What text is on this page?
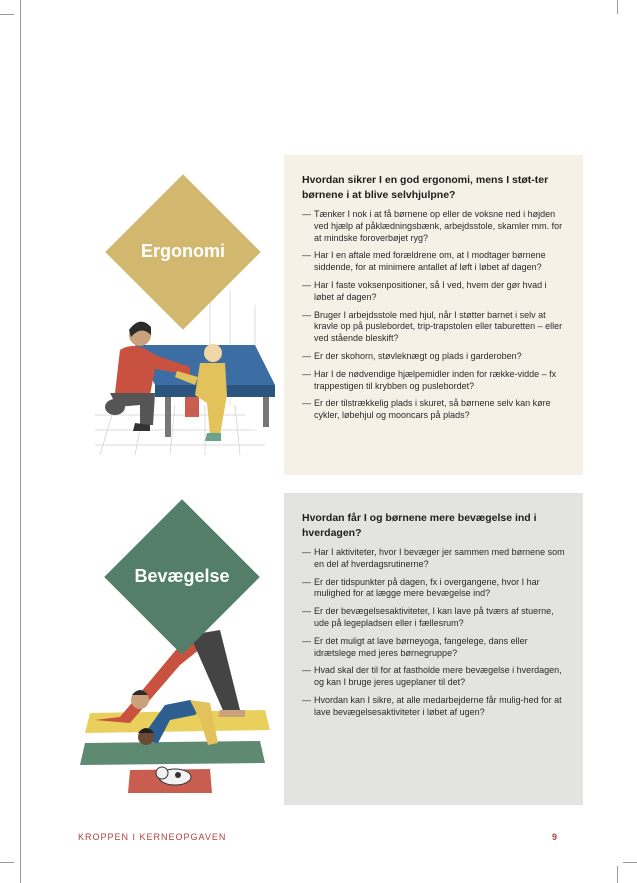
Ergonomi
Hvordan sikrer I en god ergonomi, mens I støt-ter børnene i at blive selvhjulpne?
— Tænker I nok i at få børnene op eller de voksne ned i højden ved hjælp af påklædningsbænk, arbejdsstole, skamler mm. for at mindske foroverbøjet ryg?
— Har I en aftale med forældrene om, at I modtager børnene siddende, for at minimere antallet af løft i løbet af dagen?
— Har I faste voksenpositioner, så I ved, hvem der gør hvad i løbet af dagen?
— Bruger I arbejdsstole med hjul, når I støtter barnet i selv at kravle op på puslebordet, trip-trapstolen eller taburetten – eller ved stående bleskift?
— Er der skohorn, støvleknægt og plads i garderoben?
— Har I de nødvendige hjælpemidler inden for række-vidde – fx trappestigen til krybben og puslebordet?
— Er der tilstrækkelig plads i skuret, så børnene selv kan køre cykler, løbehjul og mooncars på plads?
Bevægelse
Hvordan får I og børnene mere bevægelse ind i hverdagen?
— Har I aktiviteter, hvor I bevæger jer sammen med børnene som en del af hverdagsrutinerne?
— Er der tidspunkter på dagen, fx i overgangene, hvor I har mulighed for at lægge mere bevægelse ind?
— Er der bevægelsesaktiviteter, I kan lave på tværs af stuerne, ude på legepladsen eller i fællesrum?
— Er det muligt at lave børneyoga, fangelege, dans eller idrætslege med jeres børnegruppe?
— Hvad skal der til for at fastholde mere bevægelse i hverdagen, og kan I bruge jeres ugeplaner til det?
— Hvordan kan I sikre, at alle medarbejderne får mulig-hed for at lave bevægelsesaktiviteter i løbet af ugen?
KROPPEN I KERNEOPGAVEN	9
